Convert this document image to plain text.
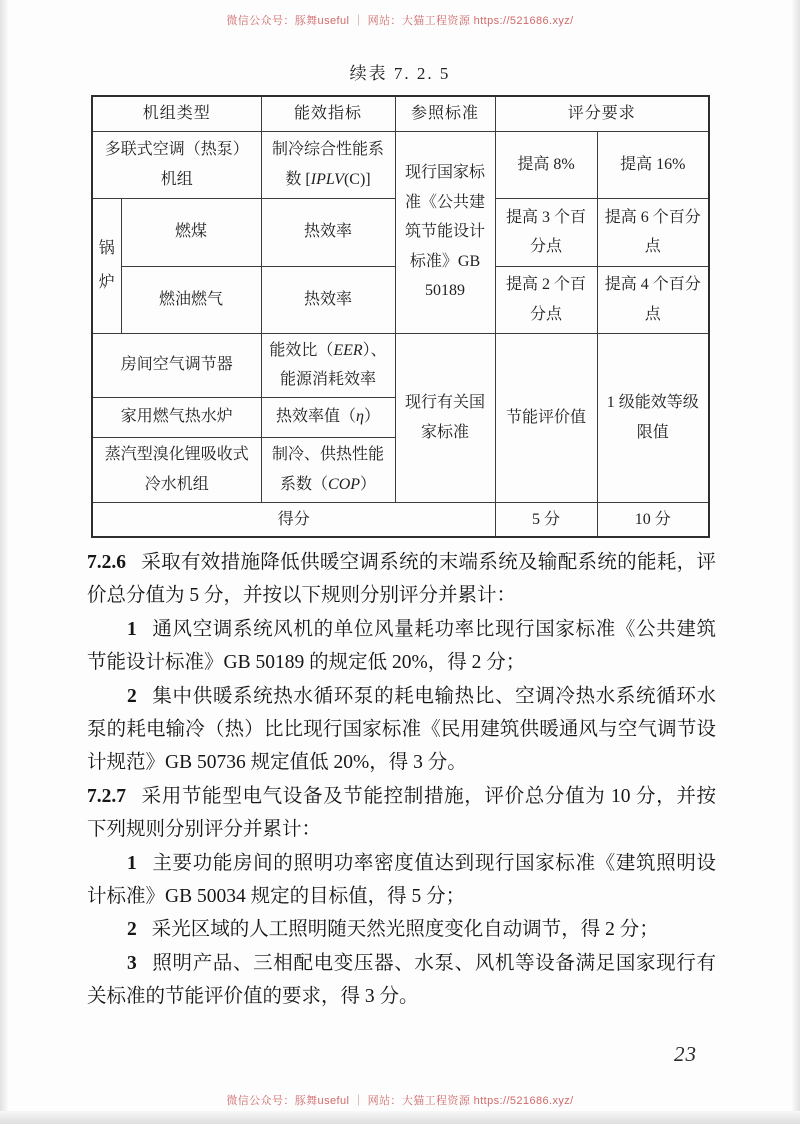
微信公众号：豚舞useful ｜ 网站：大猫工程资源 https://521686.xyz/
续表 7. 2. 5
机组类型		能效指标	参照标准	评分要求	
多联式空调（热泵）机组		制冷综合性能系数 [IPLV(C)]	现行国家标准《公共建筑节能设计标准》GB 50189	提高 8%	提高 16%

锅炉	燃煤	热效率		提高 3 个百分点	提高 6 个百分点
	燃油燃气	热效率		提高 2 个百分点	提高 4 个百分点
房间空气调节器		能效比（EER）、能源消耗效率	现行有关国家标准	节能评价值	1 级能效等级限值
家用燃气热水炉		热效率值（η）			
蒸汽型溴化锂吸收式冷水机组		制冷、供热性能系数（COP）			
得分				5 分	10 分

7.2.6 采取有效措施降低供暖空调系统的末端系统及输配系统的能耗，评价总分值为 5 分，并按以下规则分别评分并累计：

1 通风空调系统风机的单位风量耗功率比现行国家标准《公共建筑节能设计标准》GB 50189 的规定低 20%，得 2 分；

2 集中供暖系统热水循环泵的耗电输热比、空调冷热水系统循环水泵的耗电输冷（热）比比现行国家标准《民用建筑供暖通风与空气调节设计规范》GB 50736 规定值低 20%，得 3 分。

7.2.7 采用节能型电气设备及节能控制措施，评价总分值为 10 分，并按下列规则分别评分并累计：

1 主要功能房间的照明功率密度值达到现行国家标准《建筑照明设计标准》GB 50034 规定的目标值，得 5 分；

2 采光区域的人工照明随天然光照度变化自动调节，得 2 分；

3 照明产品、三相配电变压器、水泵、风机等设备满足国家现行有关标准的节能评价值的要求，得 3 分。

23
微信公众号：豚舞useful ｜ 网站：大猫工程资源 https://521686.xyz/
